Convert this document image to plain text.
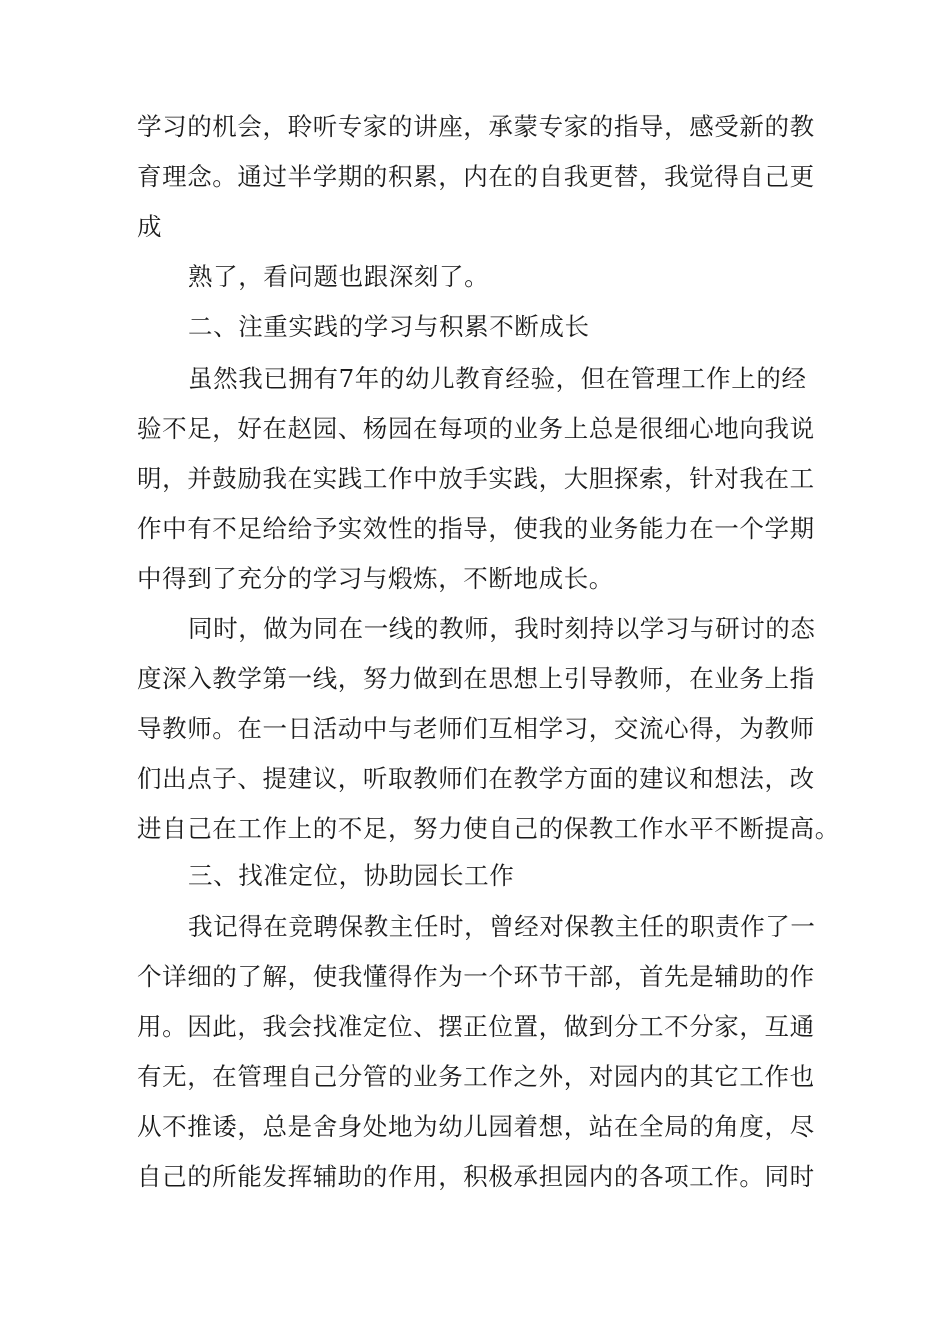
学习的机会，聆听专家的讲座，承蒙专家的指导，感受新的教
育理念。通过半学期的积累，内在的自我更替，我觉得自己更
成
熟了，看问题也跟深刻了。
二、注重实践的学习与积累不断成长
虽然我已拥有7年的幼儿教育经验，但在管理工作上的经
验不足，好在赵园、杨园在每项的业务上总是很细心地向我说
明，并鼓励我在实践工作中放手实践，大胆探索，针对我在工
作中有不足给给予实效性的指导，使我的业务能力在一个学期
中得到了充分的学习与煅炼，不断地成长。
同时，做为同在一线的教师，我时刻持以学习与研讨的态
度深入教学第一线，努力做到在思想上引导教师，在业务上指
导教师。在一日活动中与老师们互相学习，交流心得，为教师
们出点子、提建议，听取教师们在教学方面的建议和想法，改
进自己在工作上的不足，努力使自己的保教工作水平不断提高。
三、找准定位，协助园长工作
我记得在竞聘保教主任时，曾经对保教主任的职责作了一
个详细的了解，使我懂得作为一个环节干部，首先是辅助的作
用。因此，我会找准定位、摆正位置，做到分工不分家，互通
有无，在管理自己分管的业务工作之外，对园内的其它工作也
从不推诿，总是舍身处地为幼儿园着想，站在全局的角度，尽
自己的所能发挥辅助的作用，积极承担园内的各项工作。同时
